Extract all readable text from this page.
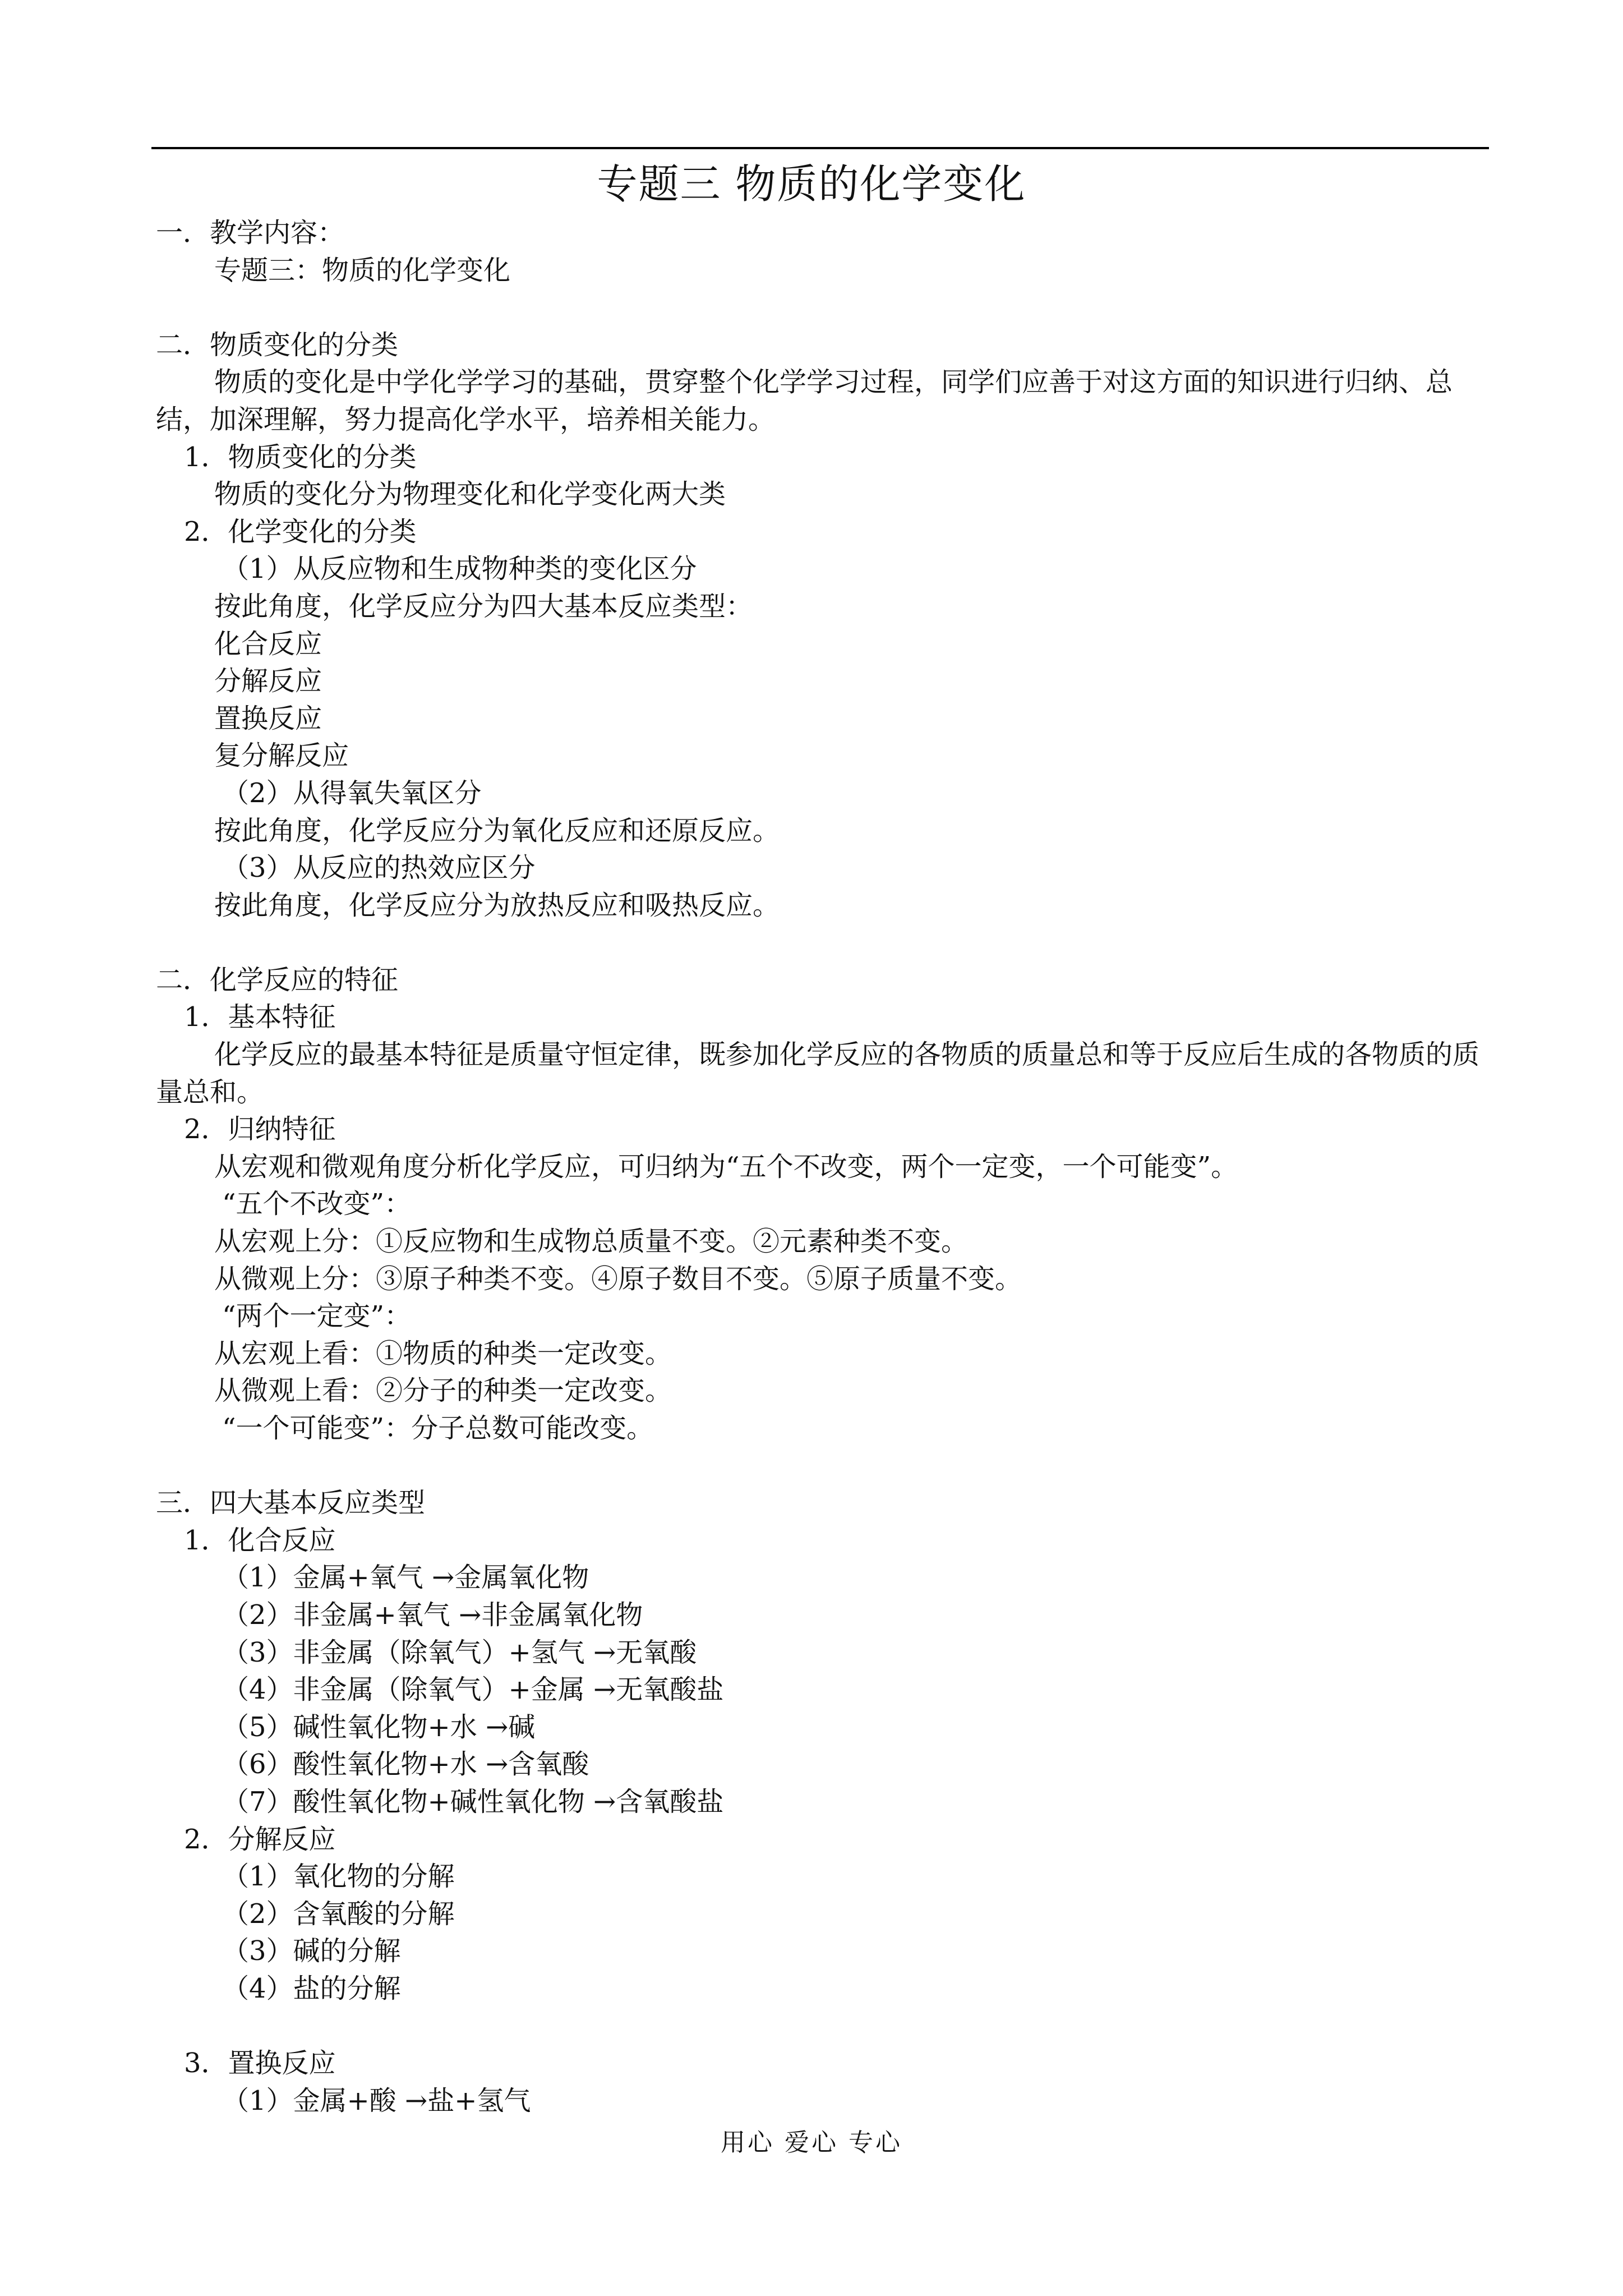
专题三 物质的化学变化
一．教学内容：
专题三：物质的化学变化
二．物质变化的分类
物质的变化是中学化学学习的基础，贯穿整个化学学习过程，同学们应善于对这方面的知识进行归纳、总结，加深理解，努力提高化学水平，培养相关能力。
1．物质变化的分类
物质的变化分为物理变化和化学变化两大类
2．化学变化的分类
（1）从反应物和生成物种类的变化区分
按此角度，化学反应分为四大基本反应类型：
化合反应
分解反应
置换反应
复分解反应
（2）从得氧失氧区分
按此角度，化学反应分为氧化反应和还原反应。
（3）从反应的热效应区分
按此角度，化学反应分为放热反应和吸热反应。
二．化学反应的特征
1．基本特征
化学反应的最基本特征是质量守恒定律，既参加化学反应的各物质的质量总和等于反应后生成的各物质的质量总和。
2．归纳特征
从宏观和微观角度分析化学反应，可归纳为“五个不改变，两个一定变，一个可能变”。
“五个不改变”：
从宏观上分：①反应物和生成物总质量不变。②元素种类不变。
从微观上分：③原子种类不变。④原子数目不变。⑤原子质量不变。
“两个一定变”：
从宏观上看：①物质的种类一定改变。
从微观上看：②分子的种类一定改变。
“一个可能变”：分子总数可能改变。
三．四大基本反应类型
1．化合反应
（1）金属+氧气 →金属氧化物
（2）非金属+氧气 →非金属氧化物
（3）非金属（除氧气）+氢气 →无氧酸
（4）非金属（除氧气）+金属 →无氧酸盐
（5）碱性氧化物+水 →碱
（6）酸性氧化物+水 →含氧酸
（7）酸性氧化物+碱性氧化物 →含氧酸盐
2．分解反应
（1）氧化物的分解
（2）含氧酸的分解
（3）碱的分解
（4）盐的分解
3．置换反应
（1）金属+酸 →盐+氢气
用心 爱心 专心
